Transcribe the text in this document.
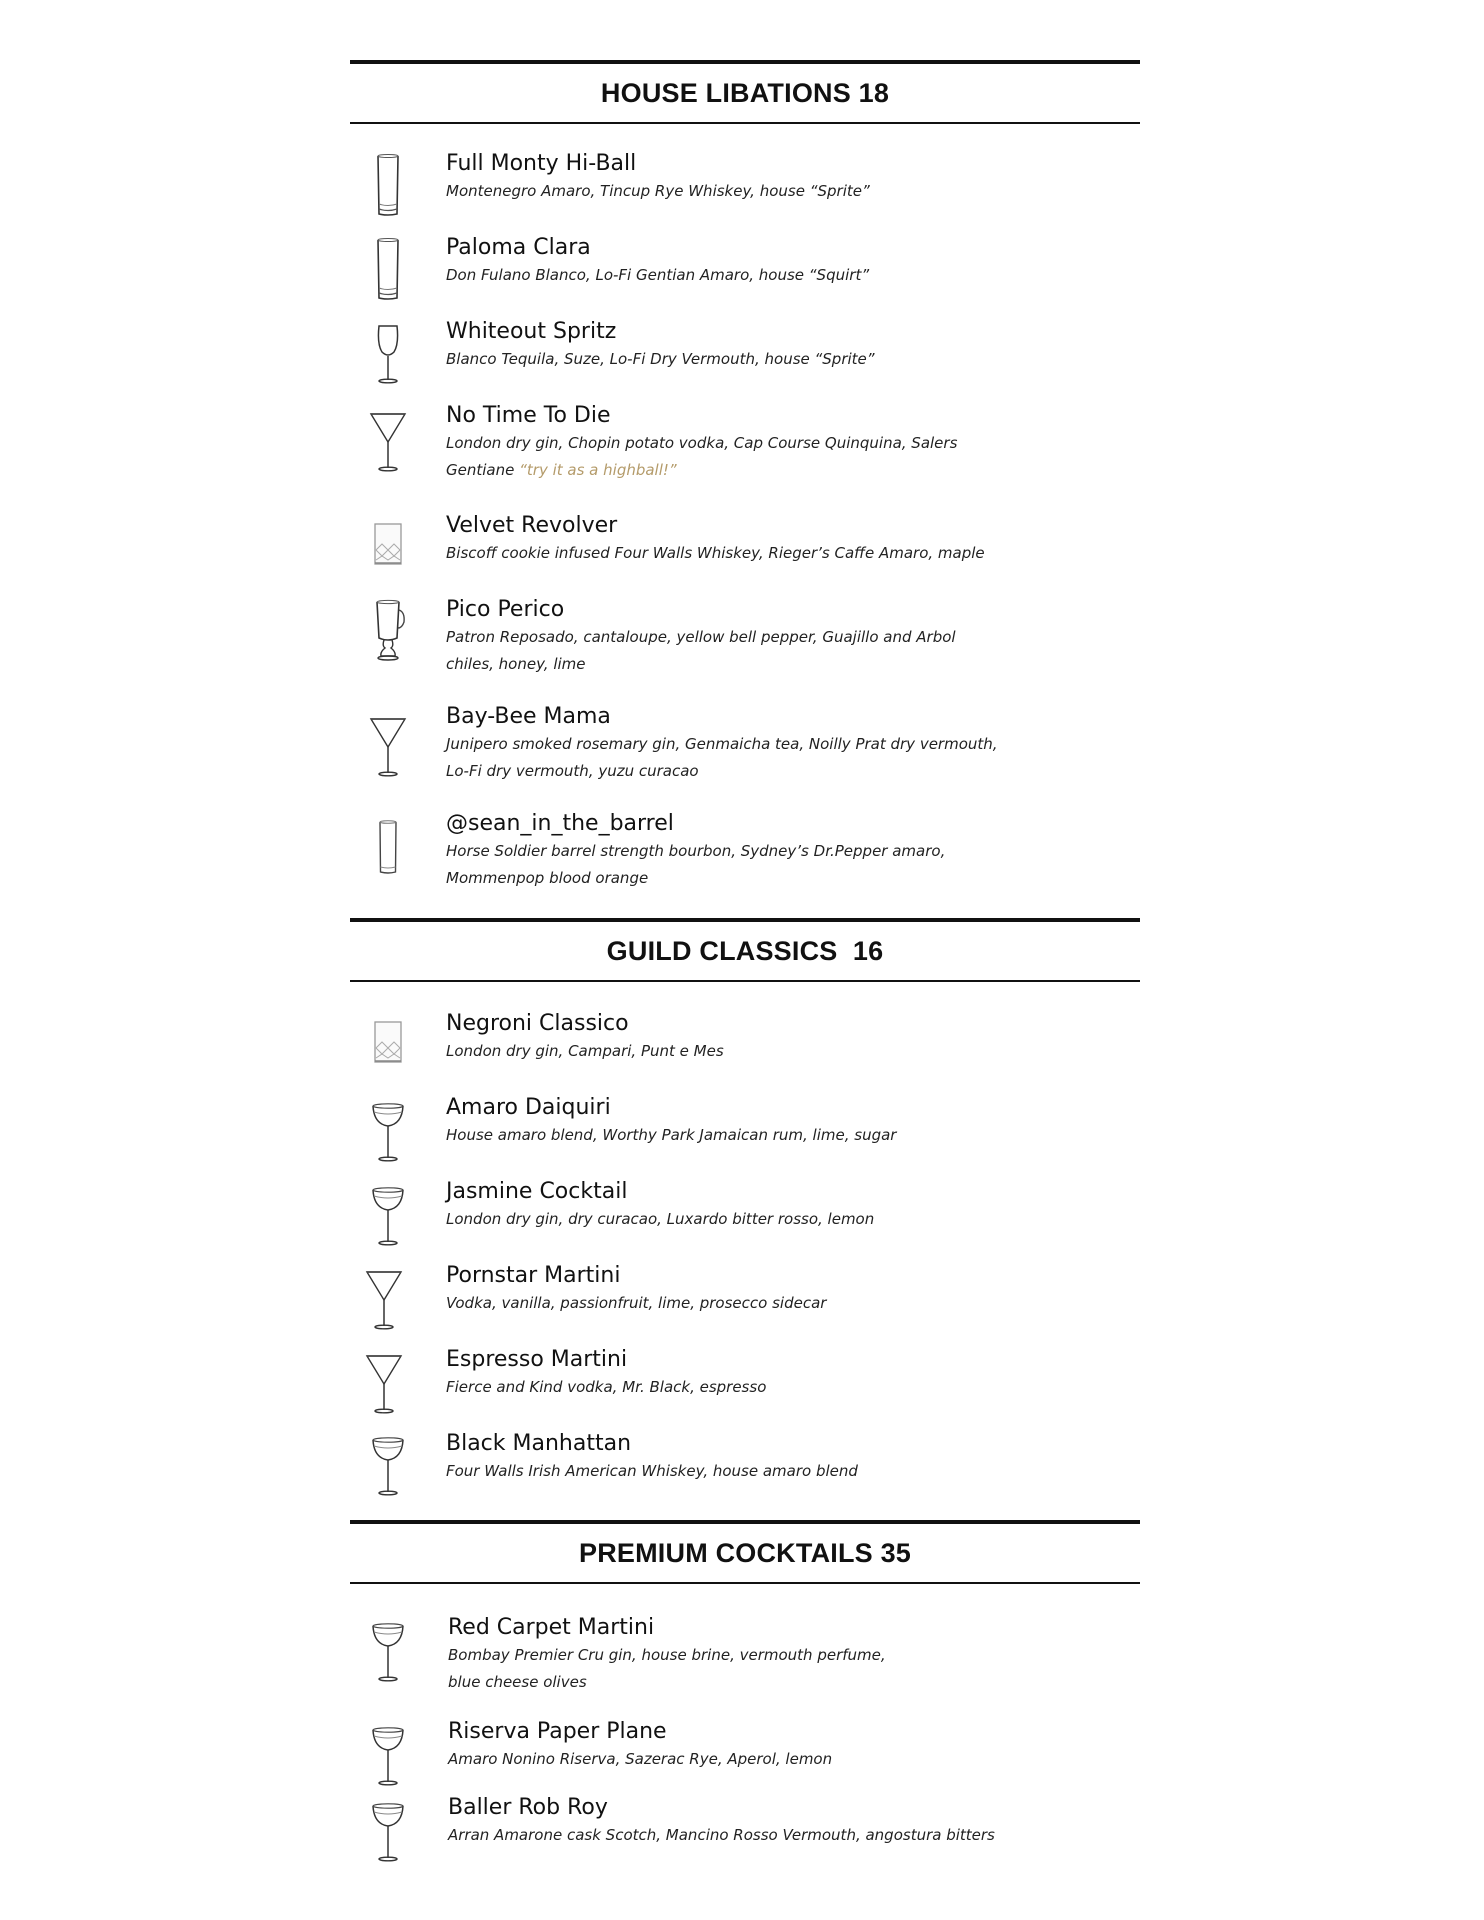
HOUSE LIBATIONS 18
Full Monty Hi-Ball
Montenegro Amaro, Tincup Rye Whiskey, house “Sprite”
Paloma Clara
Don Fulano Blanco, Lo-Fi Gentian Amaro, house “Squirt”
Whiteout Spritz
Blanco Tequila, Suze, Lo-Fi Dry Vermouth, house “Sprite”
No Time To Die
London dry gin, Chopin potato vodka, Cap Course Quinquina, Salers Gentiane “try it as a highball!”
Velvet Revolver
Biscoff cookie infused Four Walls Whiskey, Rieger’s Caffe Amaro, maple
Pico Perico
Patron Reposado, cantaloupe, yellow bell pepper, Guajillo and Arbol chiles, honey, lime
Bay-Bee Mama
Junipero smoked rosemary gin, Genmaicha tea, Noilly Prat dry vermouth, Lo-Fi dry vermouth, yuzu curacao
@sean_in_the_barrel
Horse Soldier barrel strength bourbon, Sydney’s Dr.Pepper amaro, Mommenpop blood orange
GUILD CLASSICS  16
Negroni Classico
London dry gin, Campari, Punt e Mes
Amaro Daiquiri
House amaro blend, Worthy Park Jamaican rum, lime, sugar
Jasmine Cocktail
London dry gin, dry curacao, Luxardo bitter rosso, lemon
Pornstar Martini
Vodka, vanilla, passionfruit, lime, prosecco sidecar
Espresso Martini
Fierce and Kind vodka, Mr. Black, espresso
Black Manhattan
Four Walls Irish American Whiskey, house amaro blend
PREMIUM COCKTAILS 35
Red Carpet Martini
Bombay Premier Cru gin, house brine, vermouth perfume, blue cheese olives
Riserva Paper Plane
Amaro Nonino Riserva, Sazerac Rye, Aperol, lemon
Baller Rob Roy
Arran Amarone cask Scotch, Mancino Rosso Vermouth, angostura bitters
